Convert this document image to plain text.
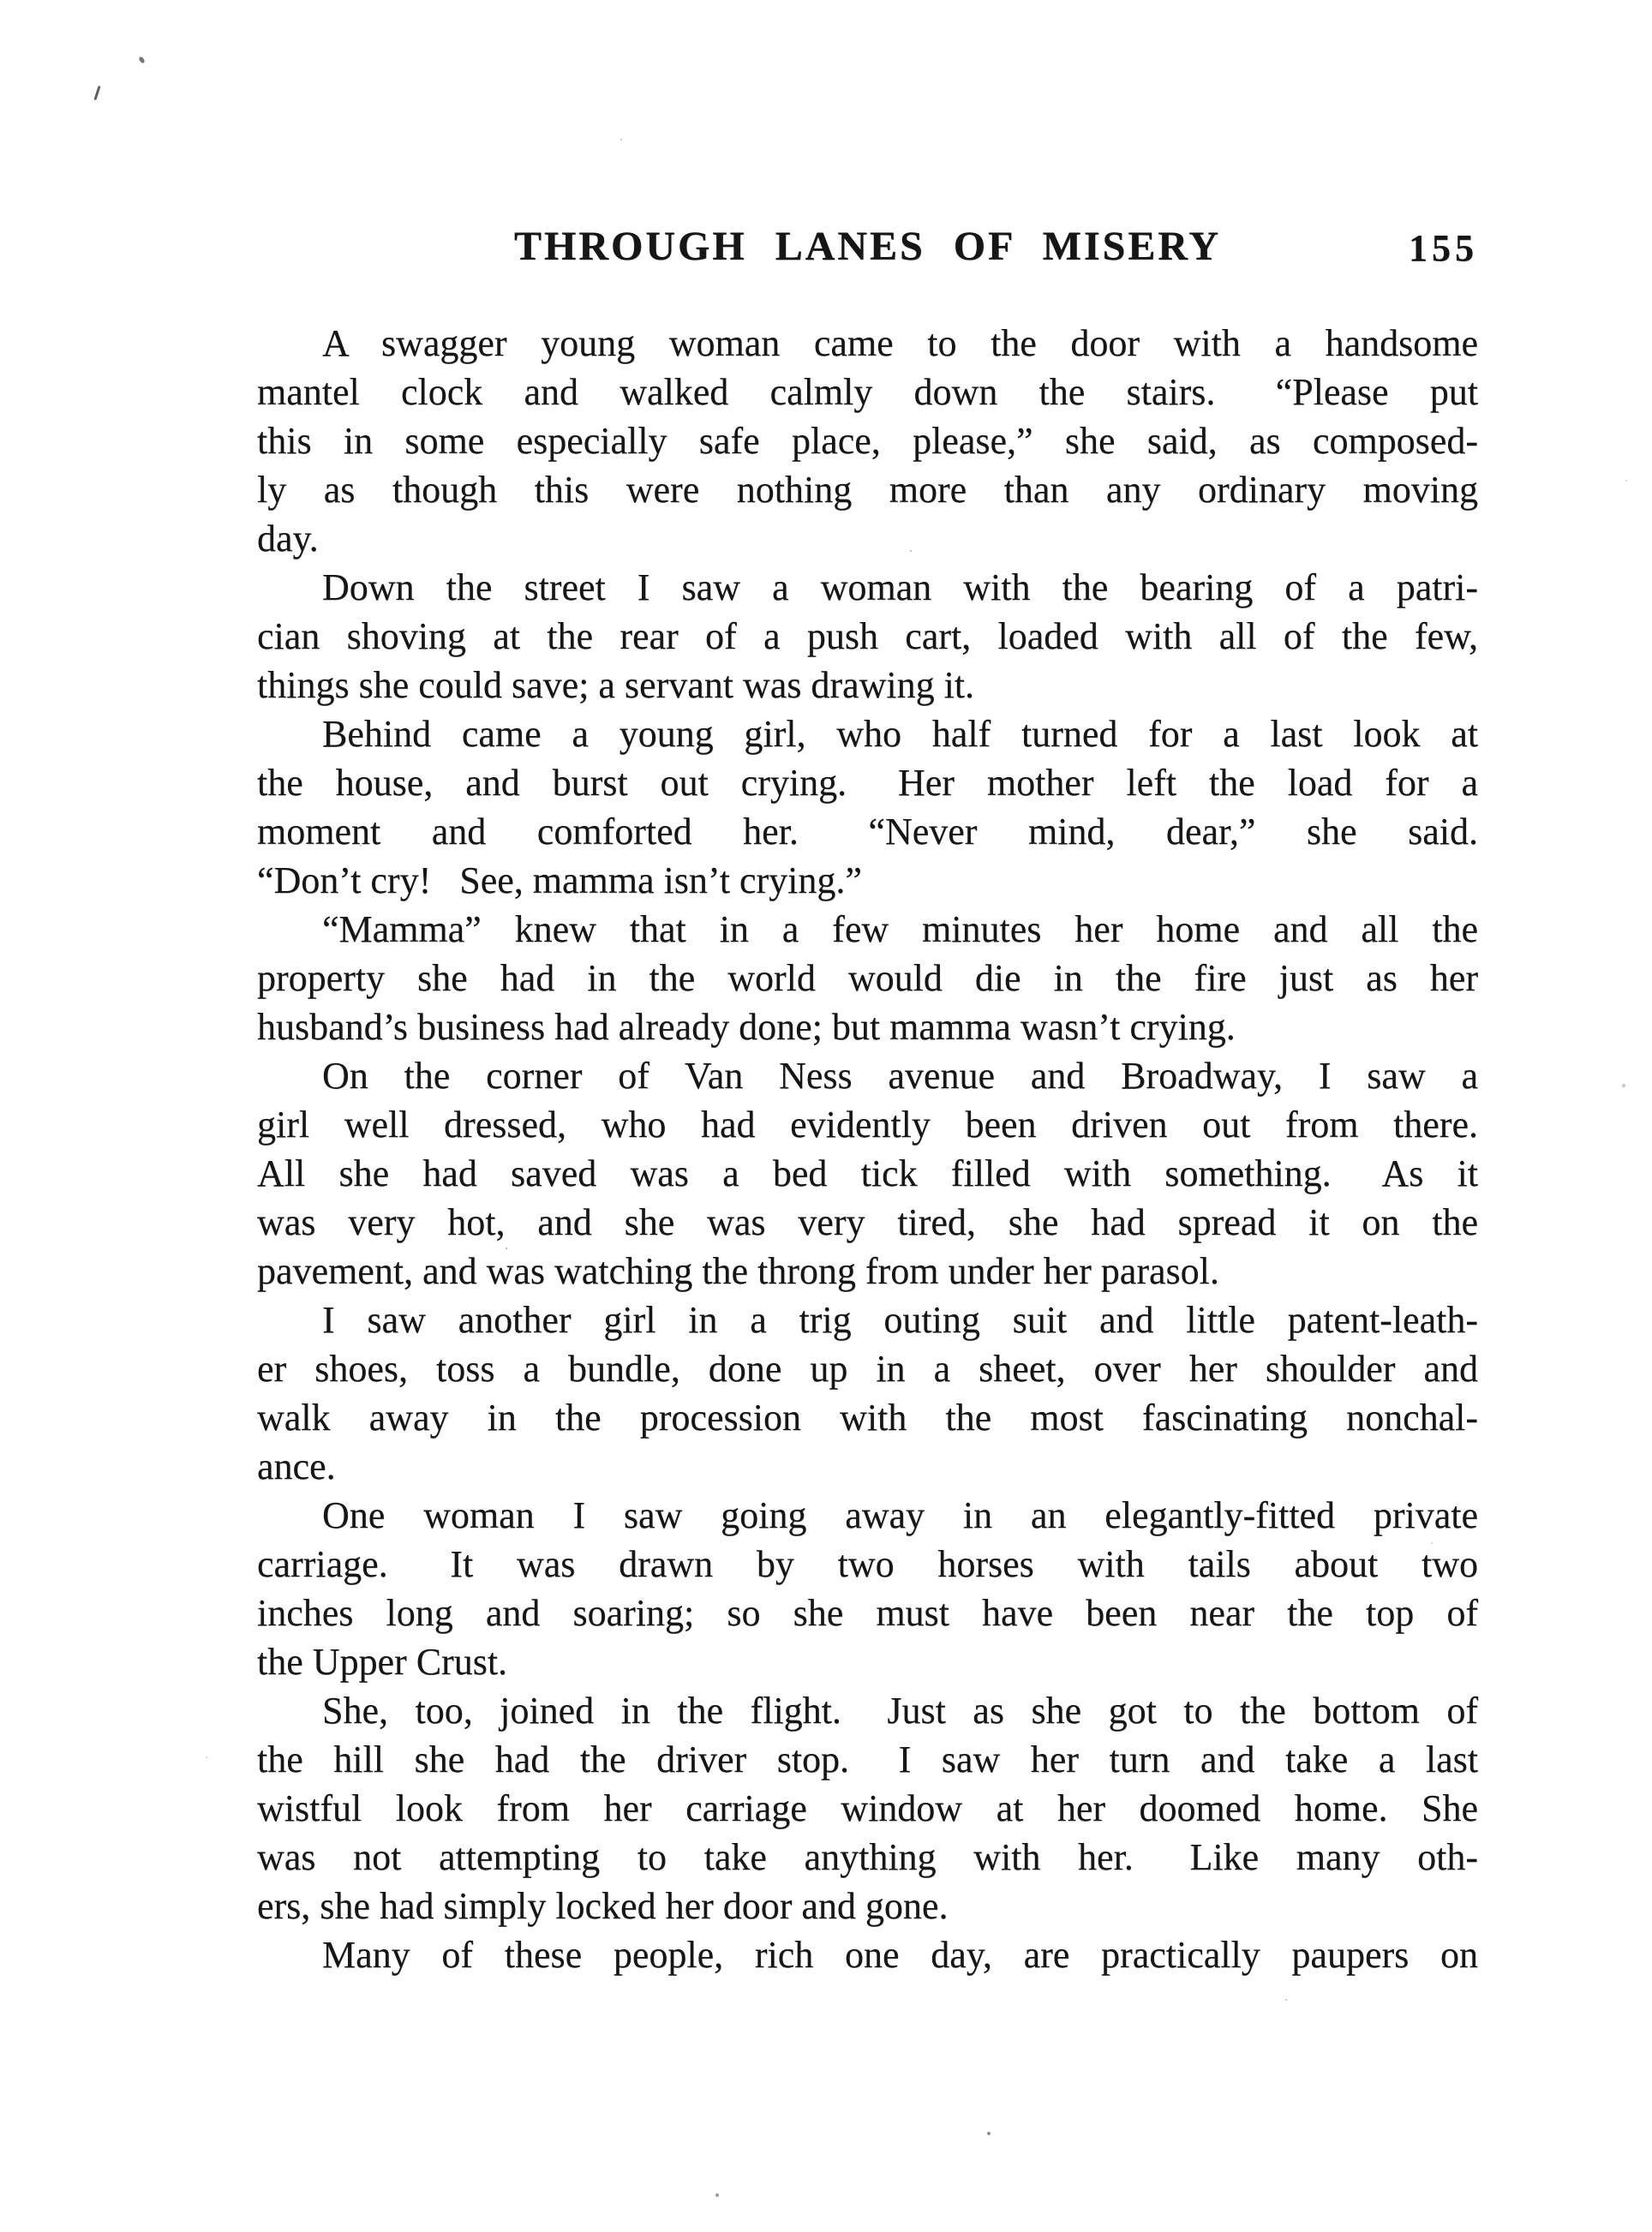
THROUGH LANES OF MISERY	155
A swagger young woman came to the door with a handsome
mantel clock and walked calmly down the stairs.  “Please put
this in some especially safe place, please,” she said, as composed-
ly as though this were nothing more than any ordinary moving
day.
Down the street I saw a woman with the bearing of a patri-
cian shoving at the rear of a push cart, loaded with all of the few,
things she could save; a servant was drawing it.
Behind came a young girl, who half turned for a last look at
the house, and burst out crying.  Her mother left the load for a
moment and comforted her.  “Never mind, dear,” she said.
“Don’t cry!  See, mamma isn’t crying.”
“Mamma” knew that in a few minutes her home and all the
property she had in the world would die in the fire just as her
husband’s business had already done; but mamma wasn’t crying.
On the corner of Van Ness avenue and Broadway, I saw a
girl well dressed, who had evidently been driven out from there.
All she had saved was a bed tick filled with something.  As it
was very hot, and she was very tired, she had spread it on the
pavement, and was watching the throng from under her parasol.
I saw another girl in a trig outing suit and little patent-leath-
er shoes, toss a bundle, done up in a sheet, over her shoulder and
walk away in the procession with the most fascinating nonchal-
ance.
One woman I saw going away in an elegantly-fitted private
carriage.  It was drawn by two horses with tails about two
inches long and soaring; so she must have been near the top of
the Upper Crust.
She, too, joined in the flight.  Just as she got to the bottom of
the hill she had the driver stop.  I saw her turn and take a last
wistful look from her carriage window at her doomed home. She
was not attempting to take anything with her.  Like many oth-
ers, she had simply locked her door and gone.
Many of these people, rich one day, are practically paupers on
